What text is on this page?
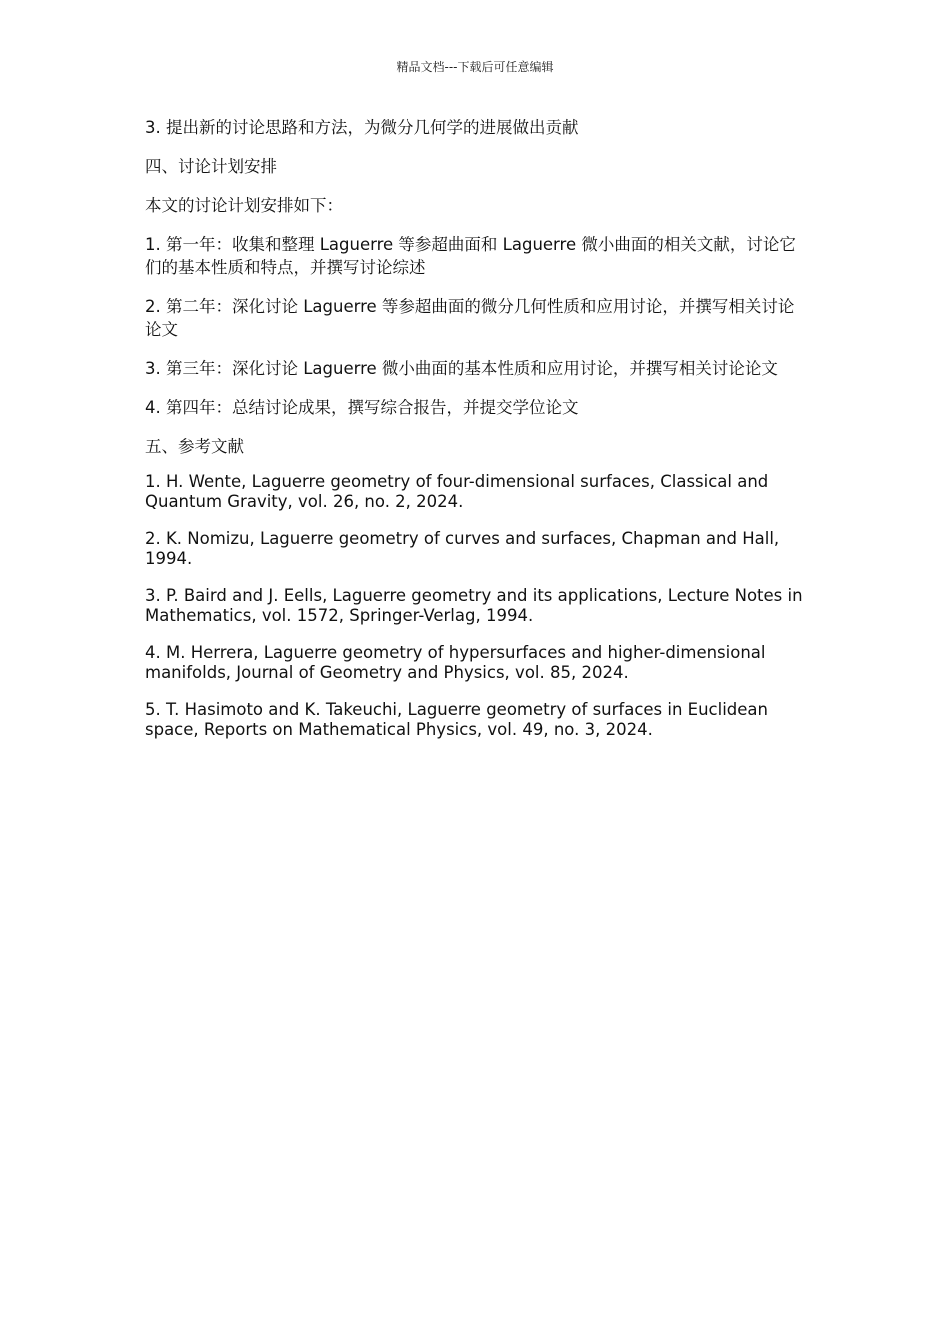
精品文档---下载后可任意编辑

3. 提出新的讨论思路和方法，为微分几何学的进展做出贡献

四、讨论计划安排

本文的讨论计划安排如下：

1. 第一年：收集和整理 Laguerre 等参超曲面和 Laguerre 微小曲面的相关文献，讨论它们的基本性质和特点，并撰写讨论综述

2. 第二年：深化讨论 Laguerre 等参超曲面的微分几何性质和应用讨论，并撰写相关讨论论文

3. 第三年：深化讨论 Laguerre 微小曲面的基本性质和应用讨论，并撰写相关讨论论文

4. 第四年：总结讨论成果，撰写综合报告，并提交学位论文

五、参考文献

1. H. Wente, Laguerre geometry of four-dimensional surfaces, Classical and Quantum Gravity, vol. 26, no. 2, 2024.

2. K. Nomizu, Laguerre geometry of curves and surfaces, Chapman and Hall, 1994.

3. P. Baird and J. Eells, Laguerre geometry and its applications, Lecture Notes in Mathematics, vol. 1572, Springer-Verlag, 1994.

4. M. Herrera, Laguerre geometry of hypersurfaces and higher-dimensional manifolds, Journal of Geometry and Physics, vol. 85, 2024.

5. T. Hasimoto and K. Takeuchi, Laguerre geometry of surfaces in Euclidean space, Reports on Mathematical Physics, vol. 49, no. 3, 2024.
